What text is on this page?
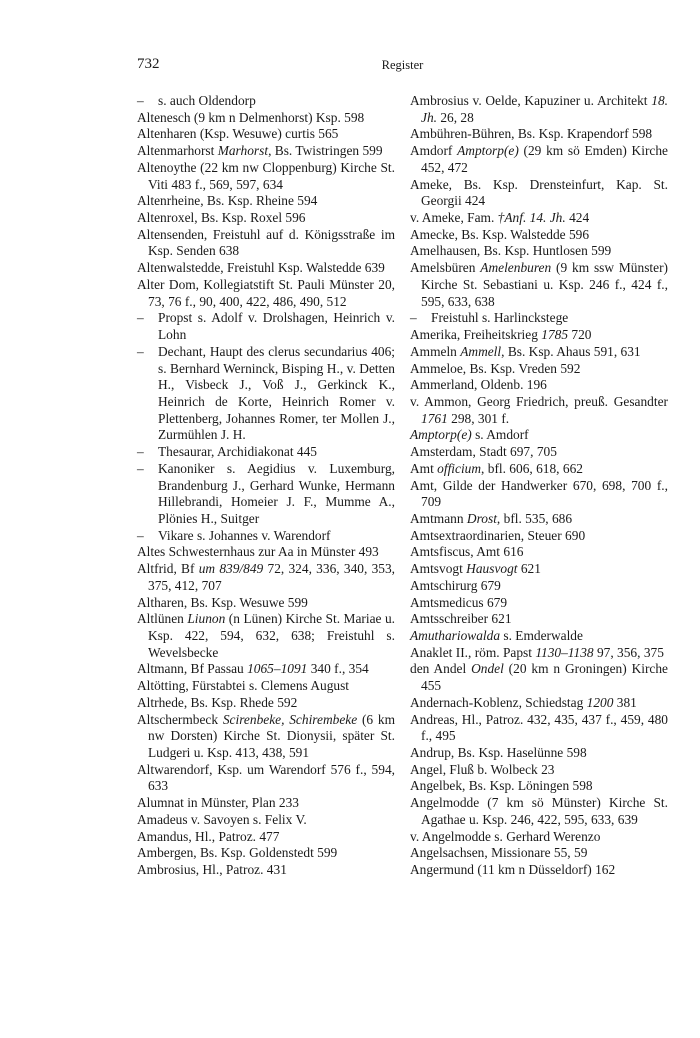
732	Register
– s. auch Oldendorp
Altenesch (9 km n Delmenhorst) Ksp. 598
Altenharen (Ksp. Wesuwe) curtis 565
Altenmarhorst Marhorst, Bs. Twistringen 599
Altenoythe (22 km nw Cloppenburg) Kirche St. Viti 483 f., 569, 597, 634
Altenrheine, Bs. Ksp. Rheine 594
Altenroxel, Bs. Ksp. Roxel 596
Altensenden, Freistuhl auf d. Königsstraße im Ksp. Senden 638
Altenwalstedde, Freistuhl Ksp. Walstedde 639
Alter Dom, Kollegiatstift St. Pauli Münster 20, 73, 76 f., 90, 400, 422, 486, 490, 512
– Propst s. Adolf v. Drolshagen, Heinrich v. Lohn
– Dechant, Haupt des clerus secundarius 406; s. Bernhard Werninck, Bisping H., v. Detten H., Visbeck J., Voß J., Gerkinck K., Heinrich de Korte, Heinrich Romer v. Plettenberg, Johannes Romer, ter Mollen J., Zurmühlen J. H.
– Thesaurar, Archidiakonat 445
– Kanoniker s. Aegidius v. Luxemburg, Brandenburg J., Gerhard Wunke, Hermann Hillebrandi, Homeier J. F., Mumme A., Plönies H., Suitger
– Vikare s. Johannes v. Warendorf
Altes Schwesternhaus zur Aa in Münster 493
Altfrid, Bf um 839/849 72, 324, 336, 340, 353, 375, 412, 707
Altharen, Bs. Ksp. Wesuwe 599
Altlünen Liunon (n Lünen) Kirche St. Mariae u. Ksp. 422, 594, 632, 638; Freistuhl s. Wevelsbecke
Altmann, Bf Passau 1065–1091 340 f., 354
Altötting, Fürstabtei s. Clemens August
Altrhede, Bs. Ksp. Rhede 592
Altschermbeck Scirenbeke, Schirembeke (6 km nw Dorsten) Kirche St. Dionysii, später St. Ludgeri u. Ksp. 413, 438, 591
Altwarendorf, Ksp. um Warendorf 576 f., 594, 633
Alumnat in Münster, Plan 233
Amadeus v. Savoyen s. Felix V.
Amandus, Hl., Patroz. 477
Ambergen, Bs. Ksp. Goldenstedt 599
Ambrosius, Hl., Patroz. 431
Ambrosius v. Oelde, Kapuziner u. Architekt 18. Jh. 26, 28
Ambühren-Bühren, Bs. Ksp. Krapendorf 598
Amdorf Amptorp(e) (29 km sö Emden) Kirche 452, 472
Ameke, Bs. Ksp. Drensteinfurt, Kap. St. Georgii 424
v. Ameke, Fam. †Anf. 14. Jh. 424
Amecke, Bs. Ksp. Walstedde 596
Amelhausen, Bs. Ksp. Huntlosen 599
Amelsbüren Amelenburen (9 km ssw Münster) Kirche St. Sebastiani u. Ksp. 246 f., 424 f., 595, 633, 638
– Freistuhl s. Harlinckstege
Amerika, Freiheitskrieg 1785 720
Ammeln Ammell, Bs. Ksp. Ahaus 591, 631
Ammeloe, Bs. Ksp. Vreden 592
Ammerland, Oldenb. 196
v. Ammon, Georg Friedrich, preuß. Gesandter 1761 298, 301 f.
Amptorp(e) s. Amdorf
Amsterdam, Stadt 697, 705
Amt officium, bfl. 606, 618, 662
Amt, Gilde der Handwerker 670, 698, 700 f., 709
Amtmann Drost, bfl. 535, 686
Amtsextraordinarien, Steuer 690
Amtsfiscus, Amt 616
Amtsvogt Hausvogt 621
Amtschirurg 679
Amtsmedicus 679
Amtsschreiber 621
Amuthariowalda s. Emderwalde
Anaklet II., röm. Papst 1130–1138 97, 356, 375
den Andel Ondel (20 km n Groningen) Kirche 455
Andernach-Koblenz, Schiedstag 1200 381
Andreas, Hl., Patroz. 432, 435, 437 f., 459, 480 f., 495
Andrup, Bs. Ksp. Haselünne 598
Angel, Fluß b. Wolbeck 23
Angelbek, Bs. Ksp. Löningen 598
Angelmodde (7 km sö Münster) Kirche St. Agathae u. Ksp. 246, 422, 595, 633, 639
v. Angelmodde s. Gerhard Werenzo
Angelsachsen, Missionare 55, 59
Angermund (11 km n Düsseldorf) 162
